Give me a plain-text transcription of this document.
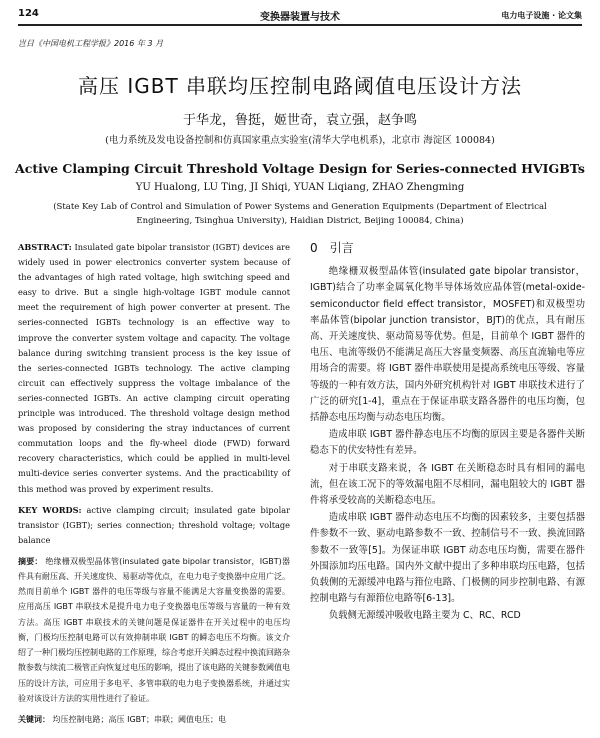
124	变换器装置与技术	电力电子设施 · 论文集
岂目《中国电机工程学报》2016 年 3 月
高压 IGBT 串联均压控制电路阈值电压设计方法
于华龙，鲁挺，姬世奇，袁立强，赵争鸣
(电力系统及发电设备控制和仿真国家重点实验室(清华大学电机系)，北京市 海淀区 100084)
Active Clamping Circuit Threshold Voltage Design for Series-connected HVIGBTs
YU Hualong, LU Ting, JI Shiqi, YUAN Liqiang, ZHAO Zhengming
(State Key Lab of Control and Simulation of Power Systems and Generation Equipments (Department of Electrical Engineering, Tsinghua University), Haidian District, Beijing 100084, China)

ABSTRACT: Insulated gate bipolar transistor (IGBT) devices are widely used in power electronics converter system because of the advantages of high rated voltage, high switching speed and easy to drive. But a single high-voltage IGBT module cannot meet the requirement of high power converter at present. The series-connected IGBTs technology is an effective way to improve the converter system voltage and capacity. The voltage balance during switching transient process is the key issue of the series-connected IGBTs technology. The active clamping circuit can effectively suppress the voltage imbalance of the series-connected IGBTs. An active clamping circuit operating principle was introduced. The threshold voltage design method was proposed by considering the stray inductances of current commutation loops and the fly-wheel diode (FWD) forward recovery characteristics, which could be applied in multi-level multi-device series converter systems. And the practicability of this method was proved by experiment results.

KEY WORDS: active clamping circuit; insulated gate bipolar transistor (IGBT); series connection; threshold voltage; voltage balance

摘要： 绝缘栅双极型晶体管(insulated gate bipolar transistor，IGBT)器件具有耐压高、开关速度快、易驱动等优点，在电力电子变换器中应用广泛。然而目前单个 IGBT 器件的电压等级与容量不能满足大容量变换器的需要。应用高压 IGBT 串联技术是提升电力电子变换器电压等级与容量的一种有效方法。高压 IGBT 串联技术的关键问题是保证器件在开关过程中的电压均衡，门极均压控制电路可以有效抑制串联 IGBT 的瞬态电压不均衡。该文介绍了一种门极均压控制电路的工作原理，综合考虑开关瞬态过程中换流回路杂散参数与续流二极管正向恢复过电压的影响，提出了该电路的关键参数阈值电压的设计方法，可应用于多电平、多管串联的电力电子变换器系统，并通过实验对该设计方法的实用性进行了验证。

关键词： 均压控制电路；高压 IGBT；串联；阈值电压；电

0　引言

绝缘栅双极型晶体管(insulated gate bipolar transistor，IGBT)结合了功率金属氧化物半导体场效应晶体管(metal-oxide-semiconductor field effect transistor，MOSFET)和双极型功率晶体管(bipolar junction transistor，BJT)的优点，具有耐压高、开关速度快、驱动简易等优势。但是，目前单个 IGBT 器件的电压、电流等级仍不能满足高压大容量变频器、高压直流输电等应用场合的需要。将 IGBT 器件串联使用是提高系统电压等级、容量等级的一种有效方法，国内外研究机构针对 IGBT 串联技术进行了广泛的研究[1-4]，重点在于保证串联支路各器件的电压均衡，包括静态电压均衡与动态电压均衡。

造成串联 IGBT 器件静态电压不均衡的原因主要是各器件关断稳态下的伏安特性有差异。

对于串联支路来说，各 IGBT 在关断稳态时具有相同的漏电流，但在该工况下的等效漏电阻不尽相同，漏电阻较大的 IGBT 器件将承受较高的关断稳态电压。

造成串联 IGBT 器件动态电压不均衡的因素较多，主要包括器件参数不一致、驱动电路参数不一致、控制信号不一致、换流回路参数不一致等[5]。为保证串联 IGBT 动态电压均衡，需要在器件外围添加均压电路。国内外文献中提出了多种串联均压电路，包括负载侧的无源缓冲电路与箝位电路、门极侧的同步控制电路、有源控制电路与有源箝位电路等[6-13]。

负载侧无源缓冲吸收电路主要为 C、RC、RCD
